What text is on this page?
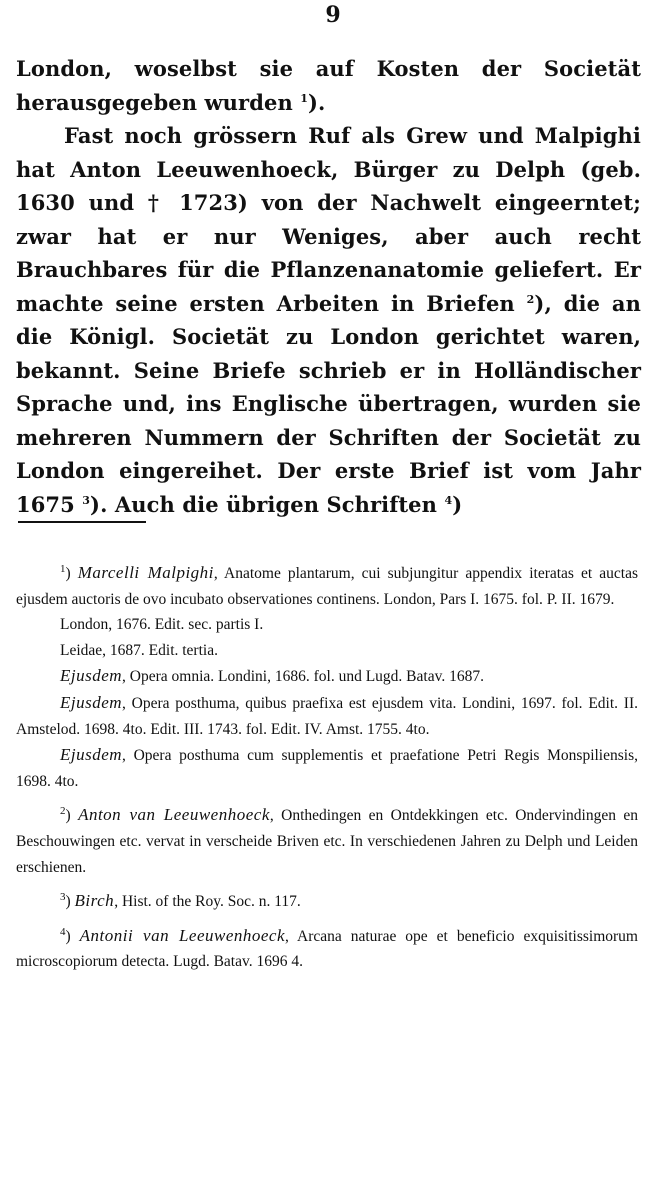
9

London, woselbst sie auf Kosten der Societät herausgegeben wurden $^1$).

Fast noch grössern Ruf als Grew und Malpighi hat Anton Leeuwenhoeck, Bürger zu Delph (geb. 1630 und † 1723) von der Nachwelt eingeerntet; zwar hat er nur Weniges, aber auch recht Brauchbares für die Pflanzenanatomie geliefert. Er machte seine ersten Arbeiten in Briefen $^2$), die an die Königl. Societät zu London gerichtet waren, bekannt. Seine Briefe schrieb er in Holländischer Sprache und, ins Englische übertragen, wurden sie mehreren Nummern der Schriften der Societät zu London eingereihet. Der erste Brief ist vom Jahr 1675 $^3$). Auch die übrigen Schriften $^4$)

$^1$) Marcelli Malpighi, Anatome plantarum, cui subjungitur appendix iteratas et auctas ejusdem auctoris de ovo incubato observationes continens. London, Pars I. 1675. fol. P. II. 1679.

London, 1676. Edit. sec. partis I.

Leidae, 1687. Edit. tertia.

Ejusdem, Opera omnia. Londini, 1686. fol. und Lugd. Batav. 1687.

Ejusdem, Opera posthuma, quibus praefixa est ejusdem vita. Londini, 1697. fol. Edit. II. Amstelod. 1698. 4to. Edit. III. 1743. fol. Edit. IV. Amst. 1755. 4to.

Ejusdem, Opera posthuma cum supplementis et praefatione Petri Regis Monspiliensis, 1698. 4to.

$^2$) Anton van Leeuwenhoeck, Onthedingen en Ontdekkingen etc. Ondervindingen en Beschouwingen etc. vervat in verscheide Briven etc. In verschiedenen Jahren zu Delph und Leiden erschienen.

$^3$) Birch, Hist. of the Roy. Soc. n. 117.

$^4$) Antonii van Leeuwenhoeck, Arcana naturae ope et beneficio exquisitissimorum microscopiorum detecta. Lugd. Batav. 1696 4.
